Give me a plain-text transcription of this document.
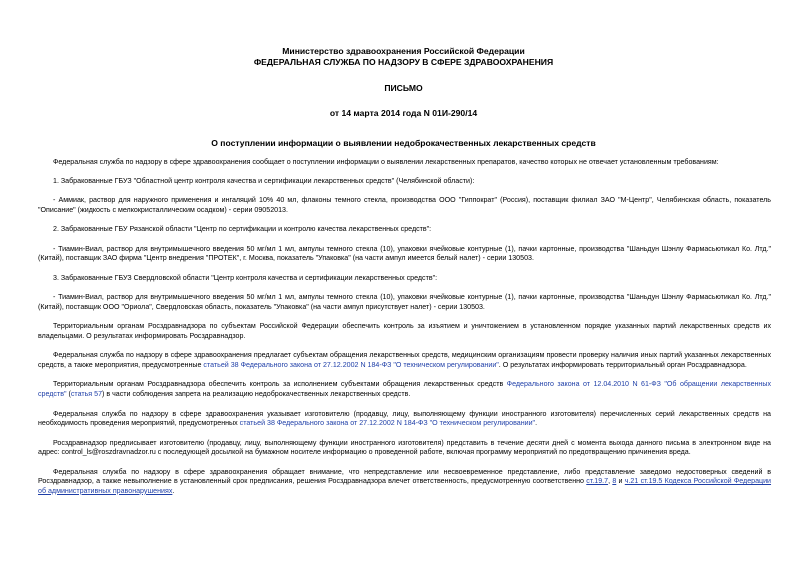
Министерство здравоохранения Российской Федерации
ФЕДЕРАЛЬНАЯ СЛУЖБА ПО НАДЗОРУ В СФЕРЕ ЗДРАВООХРАНЕНИЯ
ПИСЬМО
от 14 марта 2014 года N 01И-290/14
О поступлении информации о выявлении недоброкачественных лекарственных средств

Федеральная служба по надзору в сфере здравоохранения сообщает о поступлении информации о выявлении лекарственных препаратов, качество которых не отвечает установленным требованиям:

1. Забракованные ГБУЗ "Областной центр контроля качества и сертификации лекарственных средств" (Челябинской области):

- Аммиак, раствор для наружного применения и ингаляций 10% 40 мл, флаконы темного стекла, производства ООО "Гиппократ" (Россия), поставщик филиал ЗАО "М-Центр", Челябинская область, показатель "Описание" (жидкость с мелкокристаллическим осадком) - серии 09052013.

2. Забракованные ГБУ Рязанской области "Центр по сертификации и контролю качества лекарственных средств":

- Тиамин-Виал, раствор для внутримышечного введения 50 мг/мл 1 мл, ампулы темного стекла (10), упаковки ячейковые контурные (1), пачки картонные, производства "Шаньдун Шэнлу Фармасьютикал Ко. Лтд." (Китай), поставщик ЗАО фирма "Центр внедрения "ПРОТЕК", г. Москва, показатель "Упаковка" (на части ампул имеется белый налет) - серии 130503.

3. Забракованные ГБУЗ Свердловской области "Центр контроля качества и сертификации лекарственных средств":

- Тиамин-Виал, раствор для внутримышечного введения 50 мг/мл 1 мл, ампулы темного стекла (10), упаковки ячейковые контурные (1), пачки картонные, производства "Шаньдун Шэнлу Фармасьютикал Ко. Лтд." (Китай), поставщик ООО "Ориола", Свердловская область, показатель "Упаковка" (на части ампул присутствует налет) - серии 130503.

Территориальным органам Росздравнадзора по субъектам Российской Федерации обеспечить контроль за изъятием и уничтожением в установленном порядке указанных партий лекарственных средств их владельцами. О результатах информировать Росздравнадзор.

Федеральная служба по надзору в сфере здравоохранения предлагает субъектам обращения лекарственных средств, медицинским организациям провести проверку наличия иных партий указанных лекарственных средств, а также мероприятия, предусмотренные статьей 38 Федерального закона от 27.12.2002 N 184-ФЗ "О техническом регулировании". О результатах информировать территориальный орган Росздравнадзора.

Территориальным органам Росздравнадзора обеспечить контроль за исполнением субъектами обращения лекарственных средств Федерального закона от 12.04.2010 N 61-ФЗ "Об обращении лекарственных средств" (статья 57) в части соблюдения запрета на реализацию недоброкачественных лекарственных средств.

Федеральная служба по надзору в сфере здравоохранения указывает изготовителю (продавцу, лицу, выполняющему функции иностранного изготовителя) перечисленных серий лекарственных средств на необходимость проведения мероприятий, предусмотренных статьей 38 Федерального закона от 27.12.2002 N 184-ФЗ "О техническом регулировании".

Росздравнадзор предписывает изготовителю (продавцу, лицу, выполняющему функции иностранного изготовителя) представить в течение десяти дней с момента выхода данного письма в электронном виде на адрес: control_ls@roszdravnadzor.ru с последующей досылкой на бумажном носителе информацию о проведенной работе, включая программу мероприятий по предотвращению причинения вреда.

Федеральная служба по надзору в сфере здравоохранения обращает внимание, что непредставление или несвоевременное представление, либо представление заведомо недостоверных сведений в Росздравнадзор, а также невыполнение в установленный срок предписания, решения Росздравнадзора влечет ответственность, предусмотренную соответственно ст.19.7, 8 и ч.21 ст.19.5 Кодекса Российской Федерации об административных правонарушениях.
